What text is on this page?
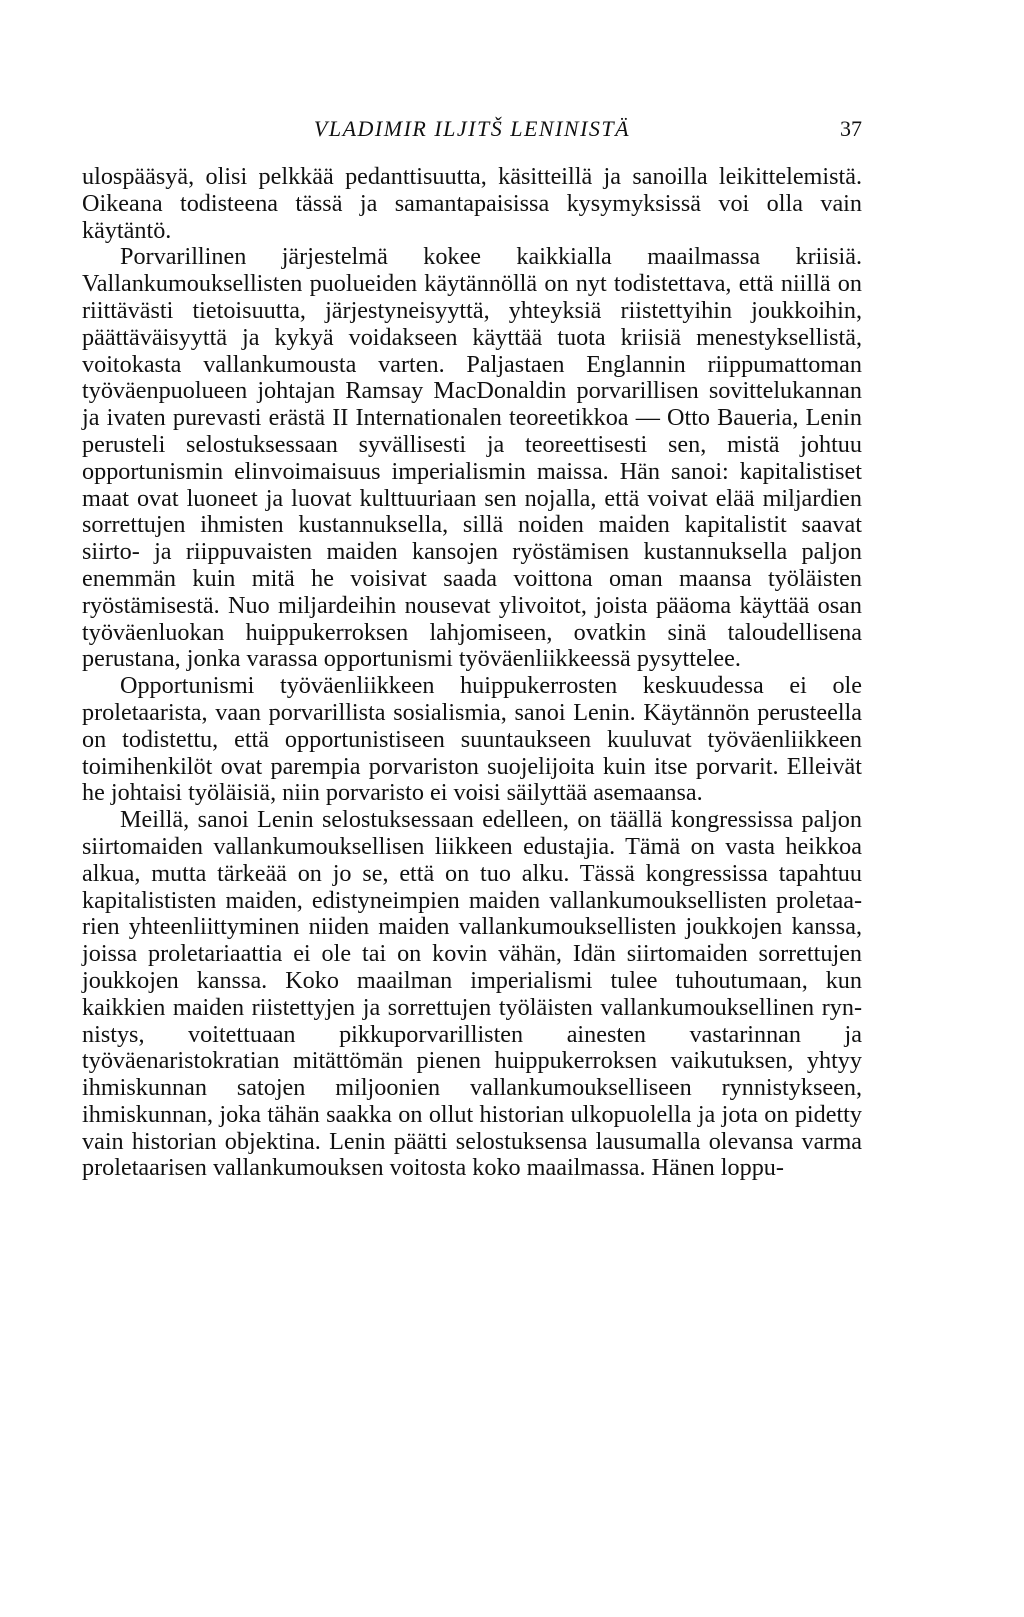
VLADIMIR ILJITŠ LENINISTÄ	37

ulospääsyä, olisi pelkkää pedanttisuutta, käsitteillä ja sanoilla leikittelemistä. Oikeana todisteena tässä ja samantapaisissa kysymyksissä voi olla vain käytäntö.

Porvarillinen järjestelmä kokee kaikkialla maailmassa kriisiä. Vallankumouksellisten puolueiden käytännöllä on nyt todistettava, että niillä on riittävästi tietoisuutta, järjestyneisyyttä, yhteyksiä riistettyihin joukkoihin, päättäväisyyttä ja kykyä voidakseen käyttää tuota kriisiä menestyksellistä, voitokasta vallankumousta varten. Paljastaen Englannin riippumattoman työväenpuolueen johtajan Ramsay MacDonaldin porvarillisen sovittelukannan ja ivaten purevasti erästä II Internationalen teoreetikkoa — Otto Baueria, Lenin perusteli selostuksessaan syvällisesti ja teoreettisesti sen, mistä johtuu opportunismin elinvoimaisuus imperialismin maissa. Hän sanoi: kapitalistiset maat ovat luoneet ja luovat kulttuuriaan sen nojalla, että voivat elää miljardien sorrettujen ihmisten kustannuksella, sillä noiden maiden kapitalistit saavat siirto- ja riippuvaisten maiden kansojen ryöstämisen kustannuksella paljon enemmän kuin mitä he voisivat saada voittona oman maansa työläisten ryöstämisestä. Nuo miljardeihin nousevat ylivoitot, joista pääoma käyttää osan työväenluokan huippukerroksen lahjomiseen, ovatkin sinä taloudellisena perustana, jonka varassa opportunismi työväenliikkeessä pysyttelee.

Opportunismi työväenliikkeen huippukerrosten keskuudessa ei ole proletaarista, vaan porvarillista sosialismia, sanoi Lenin. Käytännön perusteella on todistettu, että opportunistiseen suuntaukseen kuuluvat työväenliikkeen toimihenkilöt ovat parempia porvariston suojelijoita kuin itse porvarit. Elleivät he johtaisi työläisiä, niin porvaristo ei voisi säilyttää asemaansa.

Meillä, sanoi Lenin selostuksessaan edelleen, on täällä kongressissa paljon siirtomaiden vallankumouksellisen liikkeen edustajia. Tämä on vasta heikkoa alkua, mutta tärkeää on jo se, että on tuo alku. Tässä kongressissa tapahtuu kapitalististen maiden, edistyneimpien maiden vallankumouksellisten proletaarien yhteenliittyminen niiden maiden vallankumouksellisten joukkojen kanssa, joissa proletariaattia ei ole tai on kovin vähän, Idän siirtomaiden sorrettujen joukkojen kanssa. Koko maailman imperialismi tulee tuhoutumaan, kun kaikkien maiden riistettyjen ja sorrettujen työläisten vallankumouksellinen rynnistys, voitettuaan pikkuporvarillisten ainesten vastarinnan ja työväenaristokratian mitättömän pienen huippukerroksen vaikutuksen, yhtyy ihmiskunnan satojen miljoonien vallankumoukselliseen rynnistykseen, ihmiskunnan, joka tähän saakka on ollut historian ulkopuolella ja jota on pidetty vain historian objektina. Lenin päätti selostuksensa lausumalla olevansa varma proletaarisen vallankumouksen voitosta koko maailmassa. Hänen loppu-
